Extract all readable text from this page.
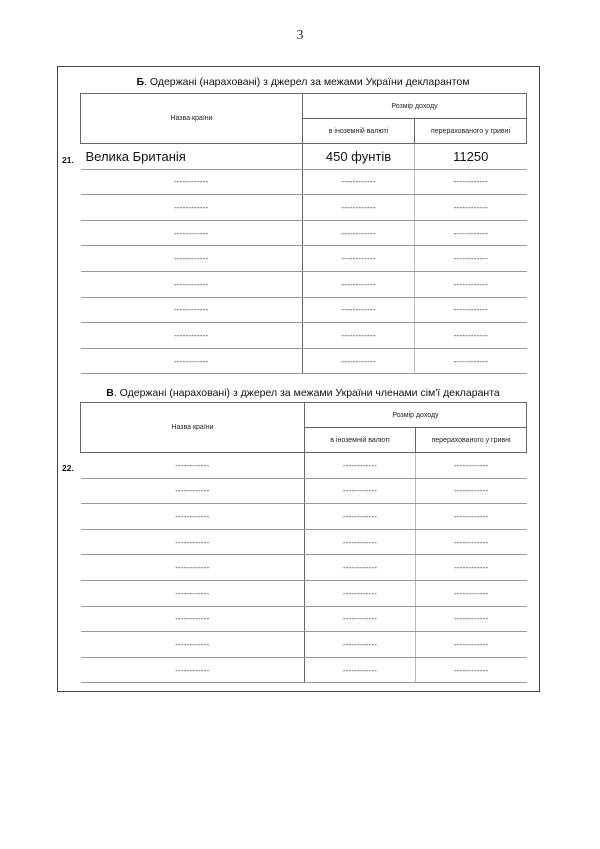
3
Б. Одержані (нараховані) з джерел за межами України декларантом
Назва країни	Розмір доходу	
	в іноземній валюті	перерахованого у гривні
Велика Британія	450 фунтів	11250
------------	------------	------------
------------	------------	------------
------------	------------	------------
------------	------------	------------
------------	------------	------------
------------	------------	------------
------------	------------	------------
------------	------------	------------
21.
В. Одержані (нараховані) з джерел за межами України членами сім'ї декларанта
Назва країни	Розмір доходу	
	в іноземній валюті	перерахованого у гривні
------------	------------	------------
------------	------------	------------
------------	------------	------------
------------	------------	------------
------------	------------	------------
------------	------------	------------
------------	------------	------------
------------	------------	------------
------------	------------	------------
22.
